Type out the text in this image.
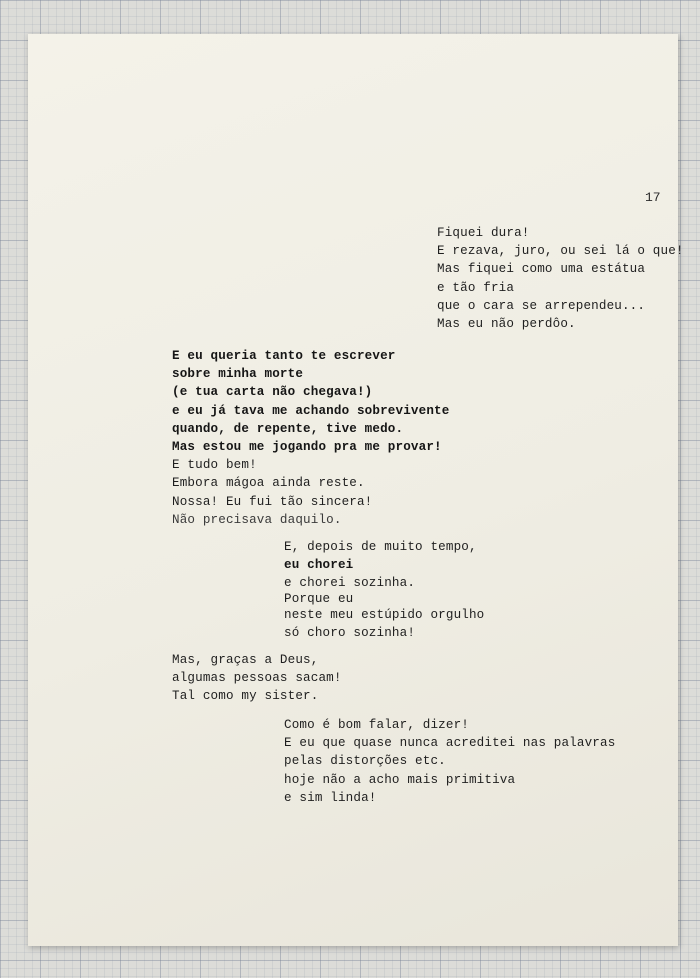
17
Fiquei dura!
E rezava, juro, ou sei lá o que!
Mas fiquei como uma estátua
e tão fria
que o cara se arrependeu...
Mas eu não perdôo.
E eu queria tanto te escrever
sobre minha morte
(e tua carta não chegava!)
e eu já tava me achando sobrevivente
quando, de repente, tive medo.
Mas estou me jogando pra me provar!
E tudo bem!
Embora mágoa ainda reste.
Nossa! Eu fui tão sincera!
Não precisava daquilo.
E, depois de muito tempo,
eu chorei
e chorei sozinha.
Porque eu
neste meu estúpido orgulho
só choro sozinha!
Mas, graças a Deus,
algumas pessoas sacam!
Tal como my sister.
Como é bom falar, dizer!
E eu que quase nunca acreditei nas palavras
pelas distorções etc.
hoje não a acho mais primitiva
e sim linda!
